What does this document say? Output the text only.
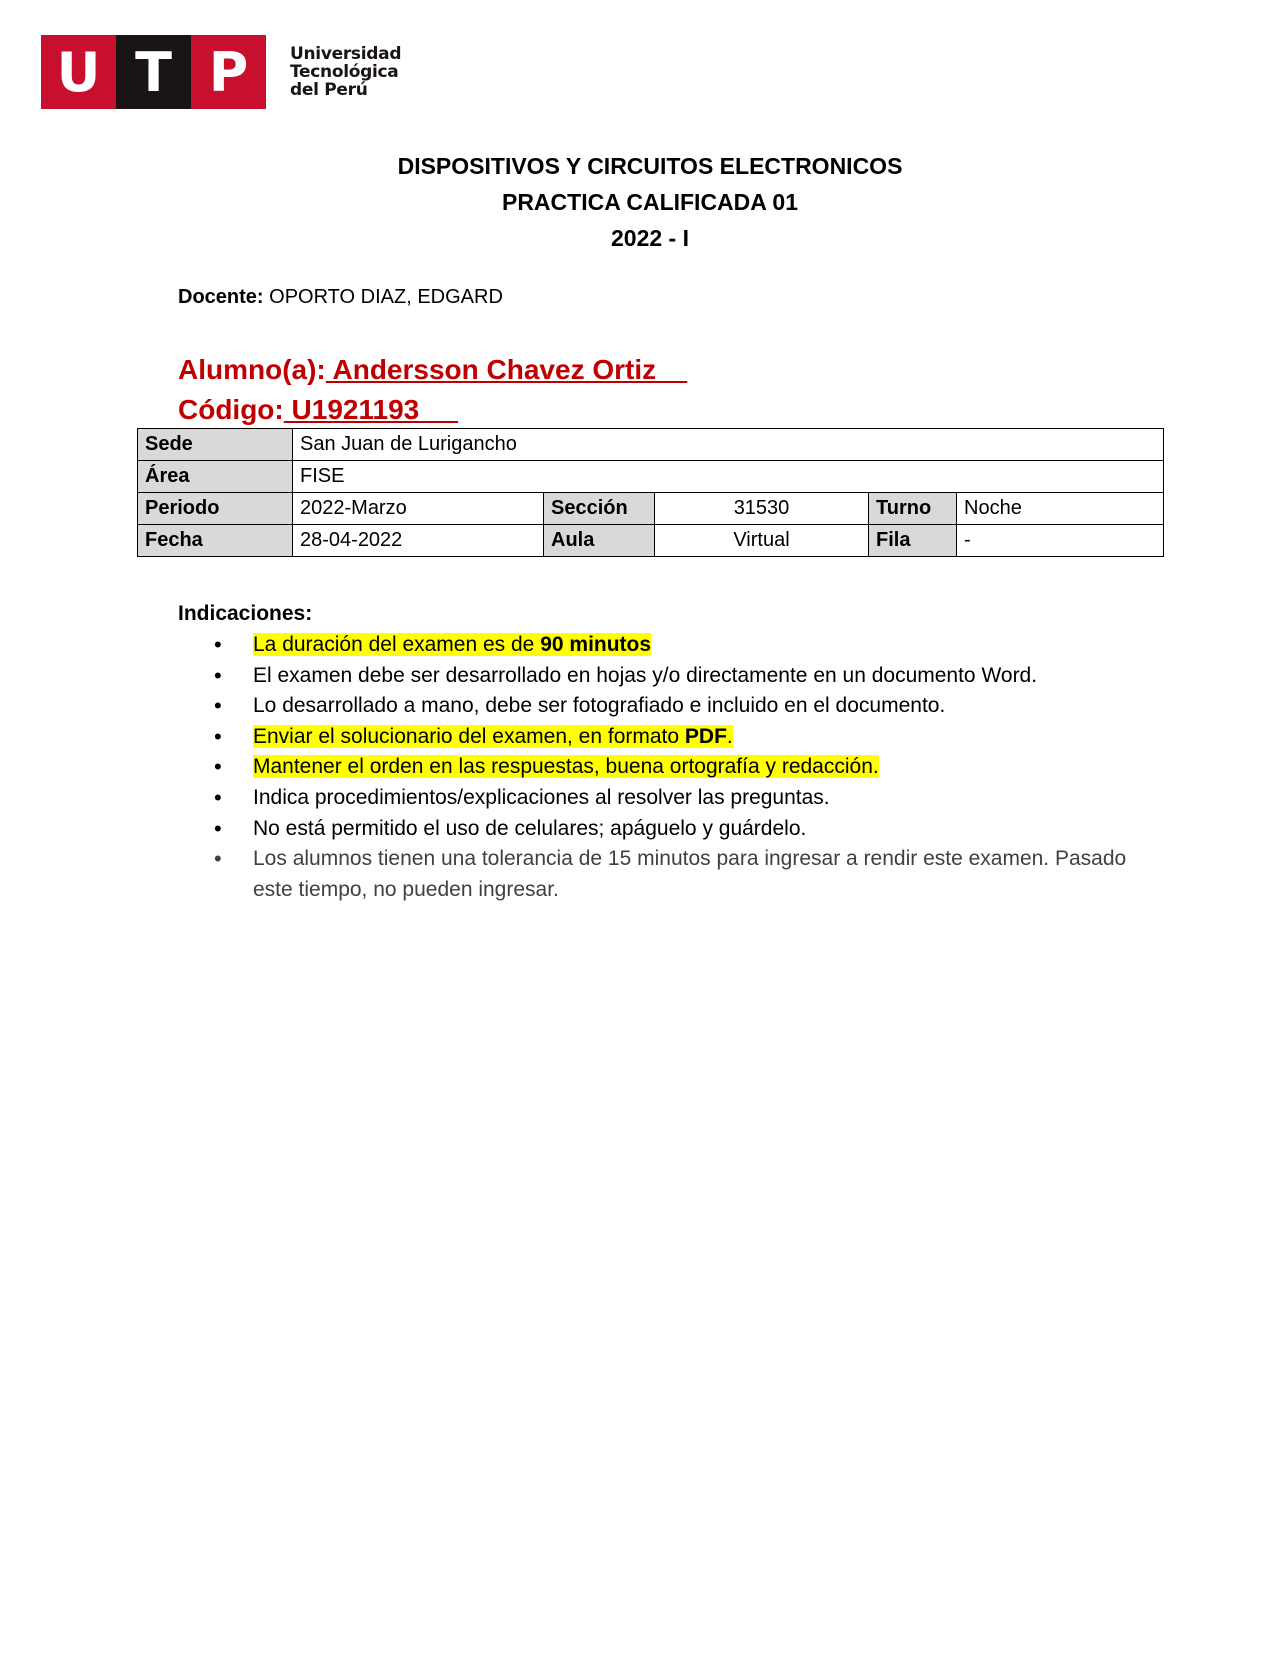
U T P	Universidad
Tecnológica
del Perú
DISPOSITIVOS Y CIRCUITOS ELECTRONICOS
PRACTICA CALIFICADA 01
2022 - I
Docente: OPORTO DIAZ, EDGARD
Alumno(a): Andersson Chavez Ortiz
Código: U1921193
Sede	San Juan de Lurigancho				
Área	FISE				
Periodo	2022-Marzo	Sección	31530	Turno	Noche
Fecha	28-04-2022	Aula	Virtual	Fila	-
Indicaciones:
• La duración del examen es de 90 minutos
• El examen debe ser desarrollado en hojas y/o directamente en un documento Word.
• Lo desarrollado a mano, debe ser fotografiado e incluido en el documento.
• Enviar el solucionario del examen, en formato PDF.
• Mantener el orden en las respuestas, buena ortografía y redacción.
• Indica procedimientos/explicaciones al resolver las preguntas.
• No está permitido el uso de celulares; apáguelo y guárdelo.
• Los alumnos tienen una tolerancia de 15 minutos para ingresar a rendir este examen. Pasado este tiempo, no pueden ingresar.
